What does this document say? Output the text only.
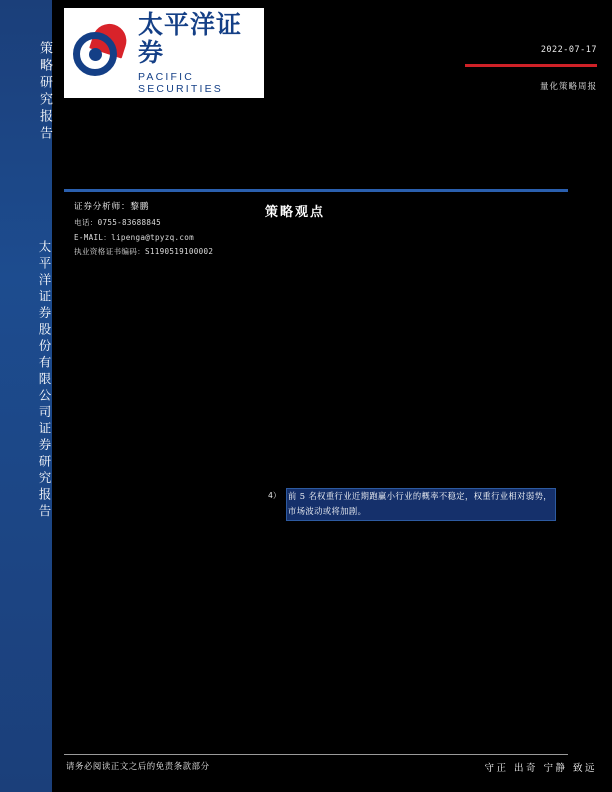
策略研究报告
太平洋证券股份有限公司证券研究报告
太平洋证券
PACIFIC SECURITIES
2022-07-17
量化策略周报
证券分析师：黎鹏
电话：0755-83688845
E-MAIL：lipenga@tpyzq.com
执业资格证书编码：S1190519100002
策略观点
4） 前 5 名权重行业近期跑赢小行业的概率不稳定，权重行业相对弱势，市场波动或将加剧。
请务必阅读正文之后的免责条款部分	守正 出奇 宁静 致远
